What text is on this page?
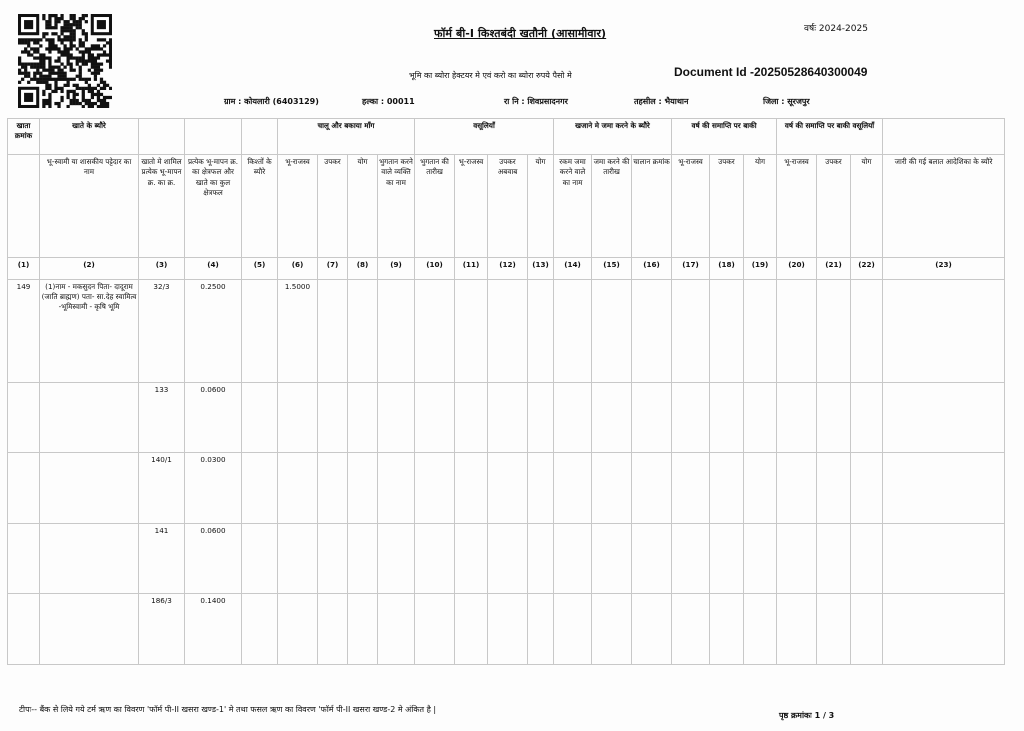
फॉर्म बी-I किश्तबंदी खतौनी (आसामीवार)	वर्षः 2024-2025
भूमि का ब्योरा हेक्टयर मे एवं करो का ब्योरा रुपये पैसो मे	Document Id -20250528640300049
ग्राम : कोयलारी (6403129)	हल्का : 00011	रा नि : शिवप्रसादनगर	तहसील : भैयाथान	जिला : सूरजपुर
खाता क्रमांक	खाते के ब्यौरे				चालू और बकाया माँग				वसूलियाँ				खजाने मे जमा करने के ब्यौरे			वर्ष की समाप्ति पर बाकी			वर्ष की समाप्ति पर बाकी वसूलियाँ			
	भू-स्वामी या शासकीय पट्टेदार का नाम	खातो मे शामिल प्रत्येक भू-मापन क्र. का क्र.	प्रत्येक भू-मापन क्र. का क्षेत्रफल और खाते का कुल क्षेत्रफल	किश्तों के ब्यौरे	भू-राजस्व	उपकर	योग	भुगतान करने वाले व्यक्ति का नाम	भुगतान की तारीख	भू-राजस्व	उपकर अबवाब	योग	रकम जमा करने वाले का नाम	जमा करने की तारीख	चालान क्रमांक	भू-राजस्व	उपकर	योग	भू-राजस्व	उपकर	योग	जारी की गई बलात आदेशिका के ब्यौरे
(1)	(2)	(3)	(4)	(5)	(6)	(7)	(8)	(9)	(10)	(11)	(12)	(13)	(14)	(15)	(16)	(17)	(18)	(19)	(20)	(21)	(22)	(23)
149	(1)नाम - मकसुदन पिता- दादूराम (जाति ब्राह्मण) पता- सा.देह स्वामित्व -भूमिस्वामी - कृषि भूमि	32/3	0.2500		1.5000																	
		133	0.0600																			
		140/1	0.0300																			
		141	0.0600																			
		186/3	0.1400																			
टीपः-- बैंक से लिये गये टर्म ऋण का विवरण 'फॉर्म पी-II खसरा खण्ड-1' मे तथा फसल ऋण का विवरण 'फॉर्म पी-II खसरा खण्ड-2 मे अंकित है |
पृष्ठ क्रमांकः 1 / 3
